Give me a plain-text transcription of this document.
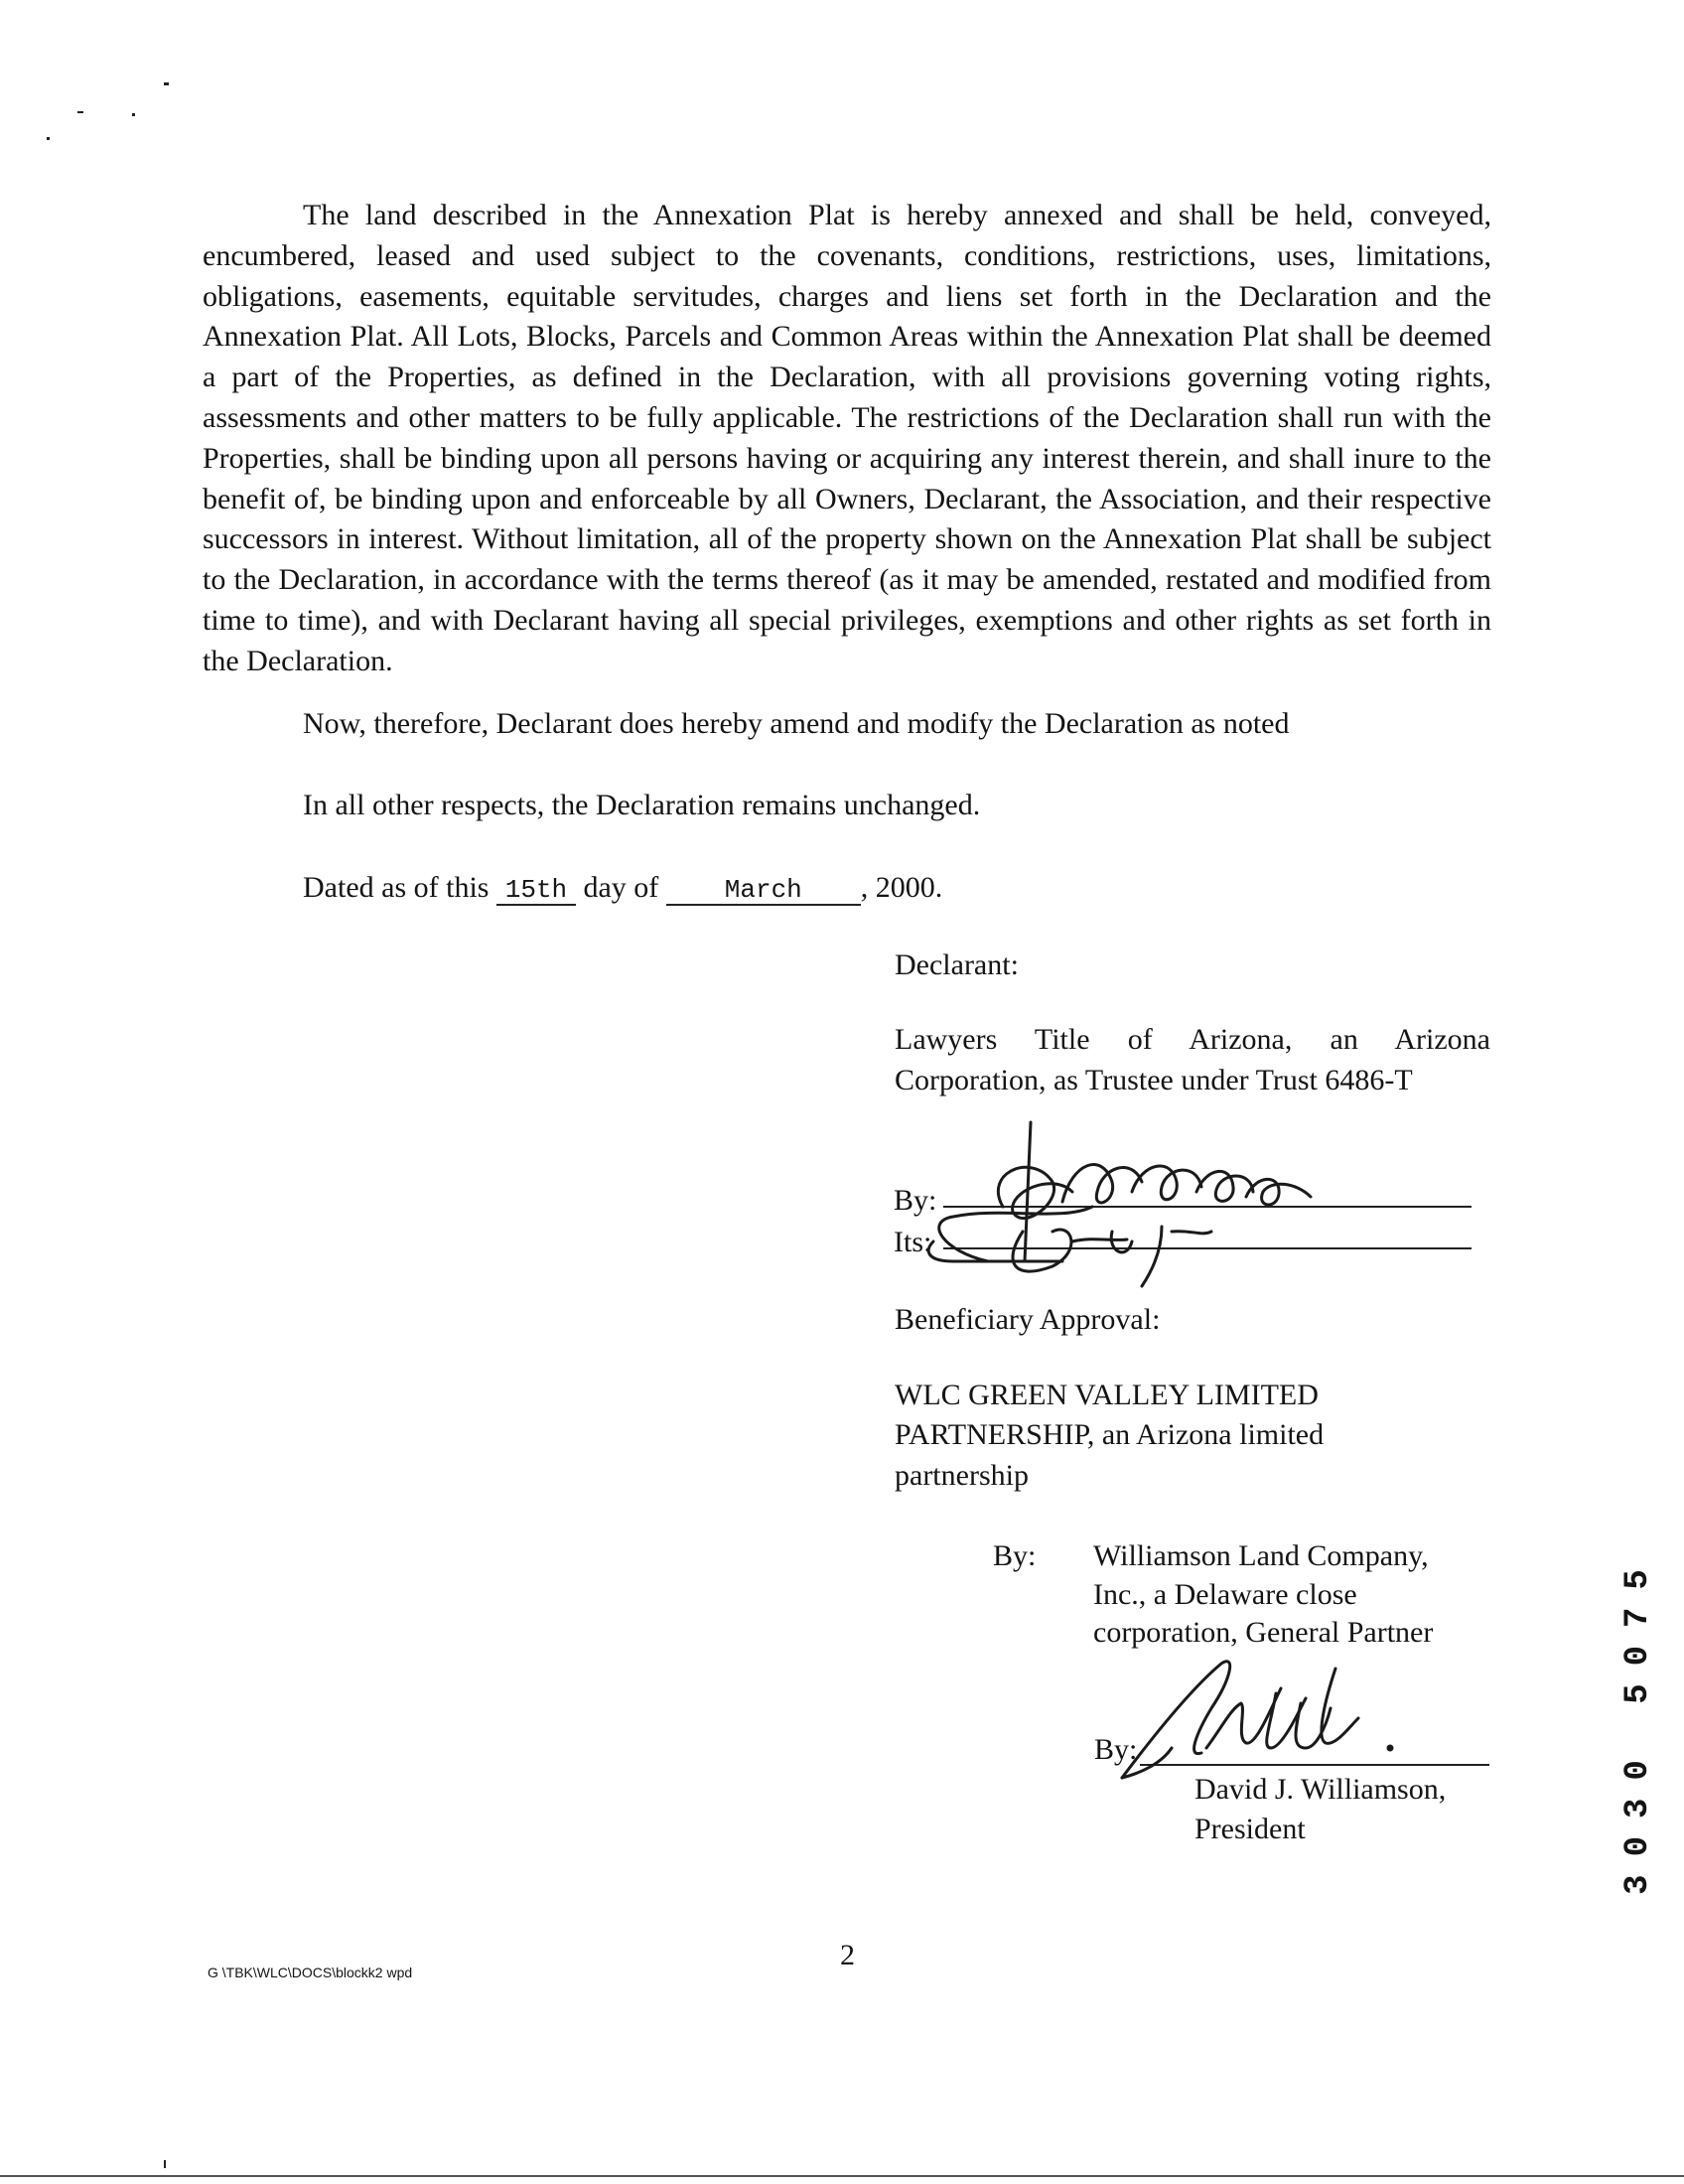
The land described in the Annexation Plat is hereby annexed and shall be held, conveyed, encumbered, leased and used subject to the covenants, conditions, restrictions, uses, limitations, obligations, easements, equitable servitudes, charges and liens set forth in the Declaration and the Annexation Plat. All Lots, Blocks, Parcels and Common Areas within the Annexation Plat shall be deemed a part of the Properties, as defined in the Declaration, with all provisions governing voting rights, assessments and other matters to be fully applicable. The restrictions of the Declaration shall run with the Properties, shall be binding upon all persons having or acquiring any interest therein, and shall inure to the benefit of, be binding upon and enforceable by all Owners, Declarant, the Association, and their respective successors in interest. Without limitation, all of the property shown on the Annexation Plat shall be subject to the Declaration, in accordance with the terms thereof (as it may be amended, restated and modified from time to time), and with Declarant having all special privileges, exemptions and other rights as set forth in the Declaration.

Now, therefore, Declarant does hereby amend and modify the Declaration as noted
In all other respects, the Declaration remains unchanged.
Dated as of this 15th day of	March , 2000.
Declarant:
Lawyers Title of Arizona, an Arizona
Corporation, as Trustee under Trust 6486-T
By:
Its:
Beneficiary Approval:
WLC GREEN VALLEY LIMITED
PARTNERSHIP, an Arizona limited
partnership
By: Williamson Land Company,
Inc., a Delaware close
corporation, General Partner
By:
David J. Williamson,
President
G \TBK\WLC\DOCS\blockk2 wpd
2
3030 5075
